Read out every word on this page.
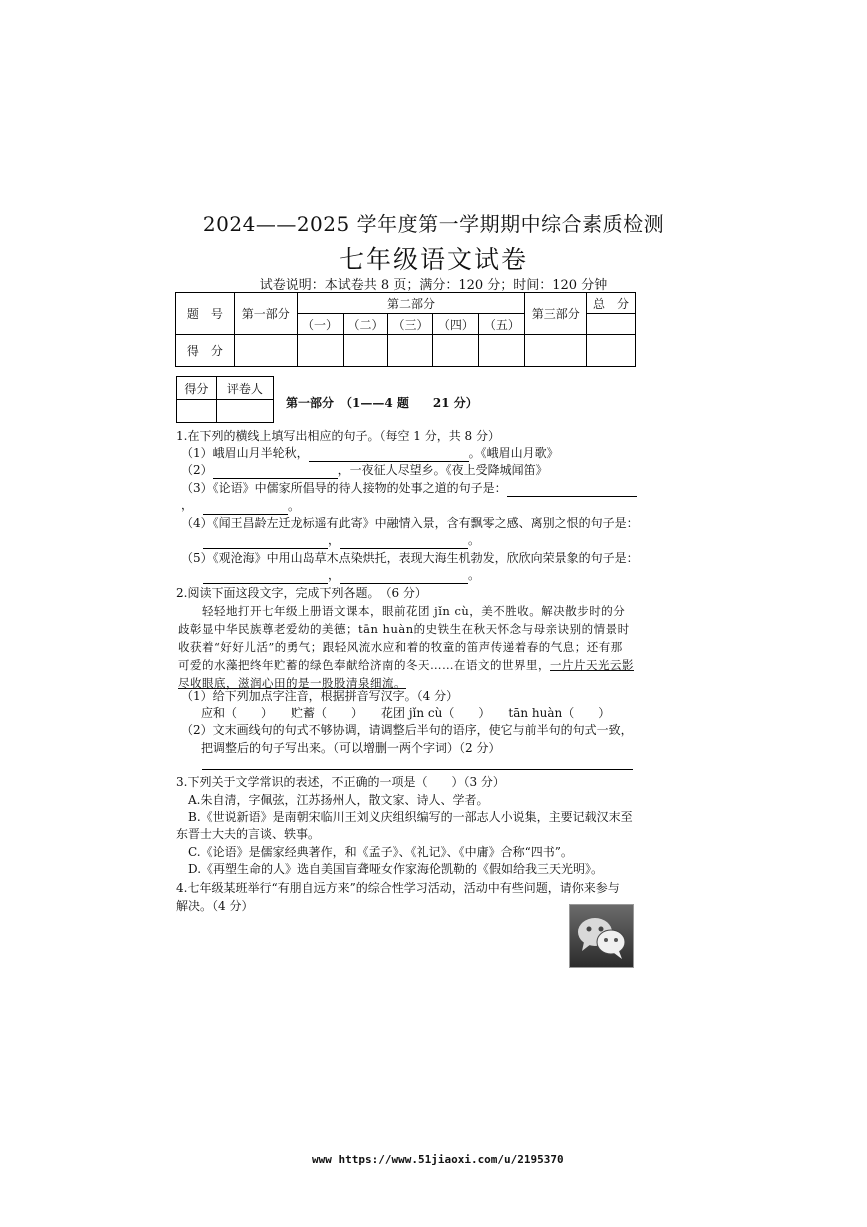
2024——2025 学年度第一学期期中综合素质检测
七年级语文试卷
试卷说明：本试卷共 8 页；满分：120 分；时间：120 分钟
题　号	第一部分	第二部分					第三部分	总　分
		（一）	（二）	（三）	（四）	（五）		
得　分								
得分	评卷人

第一部分　（1——4 题　　21 分）
1.在下列的横线上填写出相应的句子。（每空 1 分，共 8 分）
（1）峨眉山月半轮秋，	。《峨眉山月歌》
（2）	，一夜征人尽望乡。《夜上受降城闻笛》
（3）《论语》中儒家所倡导的待人接物的处事之道的句子是：，	。
（4）《闻王昌龄左迁龙标遥有此寄》中融情入景，含有飘零之感、离别之恨的句子是：
，	。
（5）《观沧海》中用山岛草木点染烘托，表现大海生机勃发，欣欣向荣景象的句子是：
，	。
2.阅读下面这段文字，完成下列各题。　（6 分）
轻轻地打开七年级上册语文课本，眼前花团 jǐn cù，美不胜收。解决散步时的分
歧彰显中华民族尊老爱幼的美德；tān huàn的史铁生在秋天怀念与母亲诀别的情景时
收获着“好好儿活”的勇气；跟轻风流水应和着的牧童的笛声传递着春的气息；还有那
可爱的水藻把终年贮蓄的绿色奉献给济南的冬天……在语文的世界里，一片片天光云影
尽收眼底，滋润心田的是一股股清泉细流。
（1）给下列加点字注音，根据拼音写汉字。（4 分）
应和（　　）　　贮蓄（　　）　　花团 jǐn cù（　　）　　tān huàn（　　）
（2）文末画线句的句式不够协调，请调整后半句的语序，使它与前半句的句式一致，
把调整后的句子写出来。（可以增删一两个字词）（2 分）
3.下列关于文学常识的表述，不正确的一项是（　　）（3 分）
A.朱自清，字佩弦，江苏扬州人，散文家、诗人、学者。
B.《世说新语》是南朝宋临川王刘义庆组织编写的一部志人小说集，主要记载汉末至
东晋士大夫的言谈、轶事。
C.《论语》是儒家经典著作，和《孟子》、《礼记》、《中庸》合称“四书”。
D.《再塑生命的人》选自美国盲聋哑女作家海伦凯勒的《假如给我三天光明》。
4.七年级某班举行“有朋自远方来”的综合性学习活动，活动中有些问题，请你来参与
解决。（4 分）
www https://www.51jiaoxi.com/u/2195370
